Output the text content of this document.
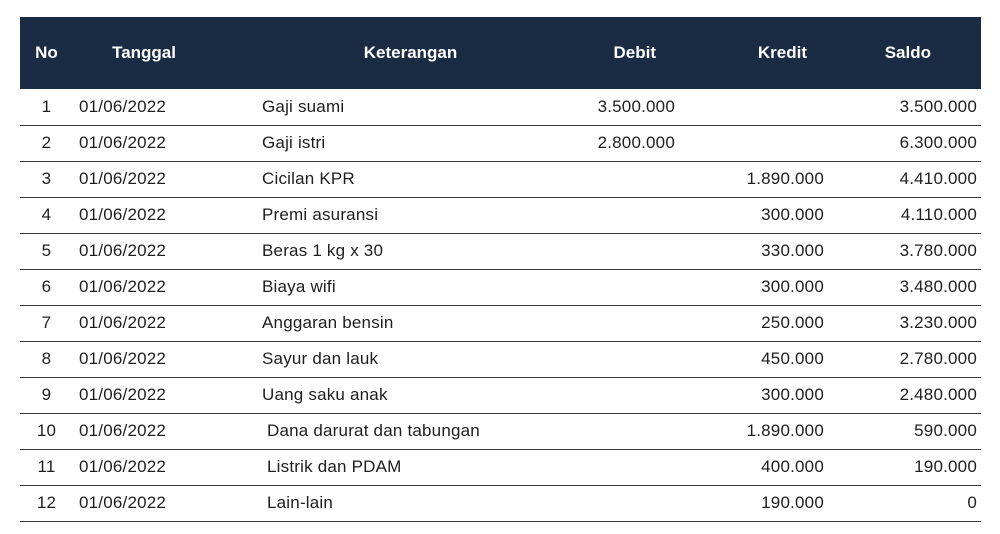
No	Tanggal	Keterangan	Debit	Kredit	Saldo
1	01/06/2022	Gaji suami	3.500.000		3.500.000
2	01/06/2022	Gaji istri	2.800.000		6.300.000
3	01/06/2022	Cicilan KPR		1.890.000	4.410.000
4	01/06/2022	Premi asuransi		300.000	4.110.000
5	01/06/2022	Beras 1 kg x 30		330.000	3.780.000
6	01/06/2022	Biaya wifi		300.000	3.480.000
7	01/06/2022	Anggaran bensin		250.000	3.230.000
8	01/06/2022	Sayur dan lauk		450.000	2.780.000
9	01/06/2022	Uang saku anak		300.000	2.480.000
10	01/06/2022	Dana darurat dan tabungan		1.890.000	590.000
11	01/06/2022	Listrik dan PDAM		400.000	190.000
12	01/06/2022	Lain-lain		190.000	0
